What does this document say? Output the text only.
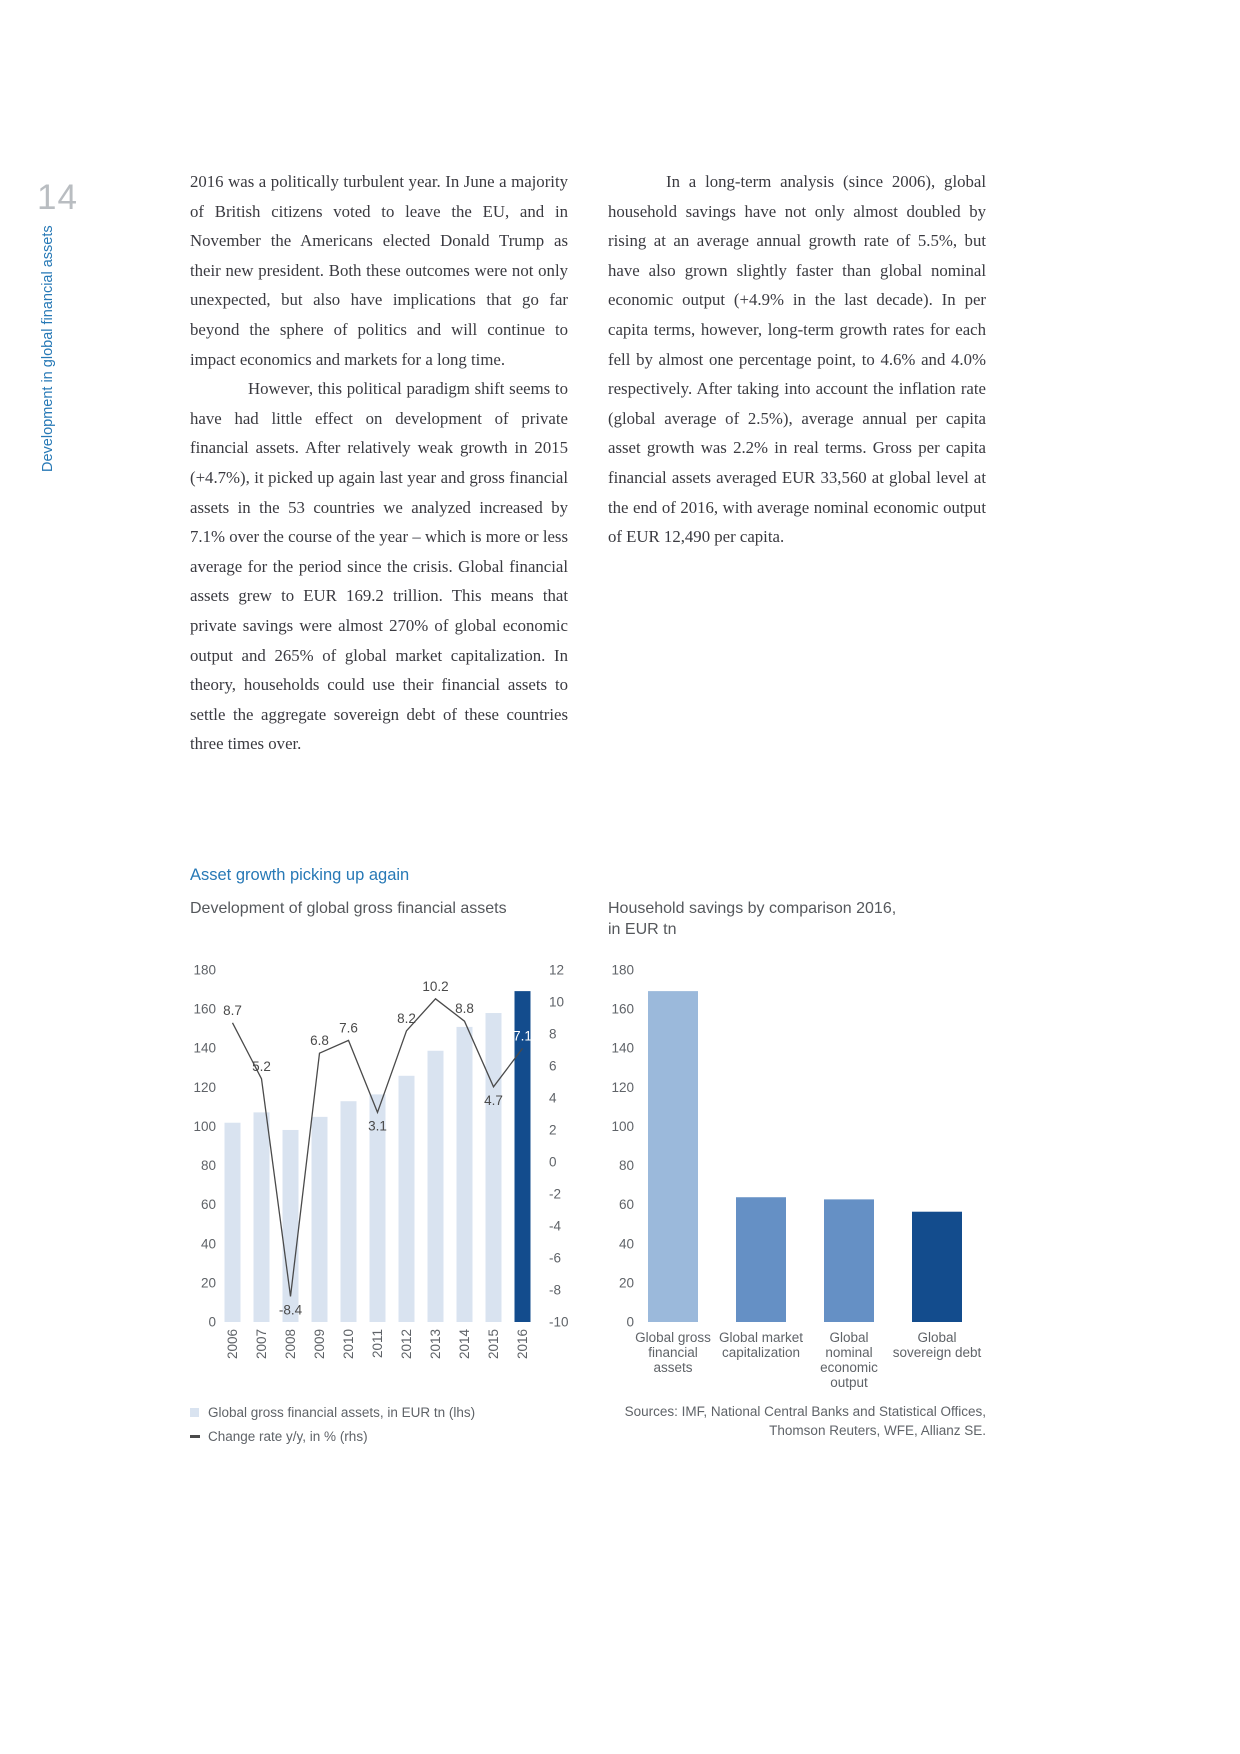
14
Development in global financial assets

2016 was a politically turbulent year. In June a majority of British citizens voted to leave the EU, and in November the Americans elected Donald Trump as their new president. Both these outcomes were not only unexpected, but also have implications that go far beyond the sphere of politics and will continue to impact economics and markets for a long time.

However, this political paradigm shift seems to have had little effect on development of private financial assets. After relatively weak growth in 2015 (+4.7%), it picked up again last year and gross financial assets in the 53 countries we analyzed increased by 7.1% over the course of the year – which is more or less average for the period since the crisis. Global financial assets grew to EUR 169.2 trillion. This means that private savings were almost 270% of global economic output and 265% of global market capitalization. In theory, households could use their financial assets to settle the aggregate sovereign debt of these countries three times over.

In a long-term analysis (since 2006), global household savings have not only almost doubled by rising at an average annual growth rate of 5.5%, but have also grown slightly faster than global nominal economic output (+4.9% in the last decade). In per capita terms, however, long-term growth rates for each fell by almost one percentage point, to 4.6% and 4.0% respectively. After taking into account the inflation rate (global average of 2.5%), average annual per capita asset growth was 2.2% in real terms. Gross per capita financial assets averaged EUR 33,560 at global level at the end of 2016, with average nominal economic output of EUR 12,490 per capita.

Asset growth picking up again
Development of global gross financial assets	Household savings by comparison 2016,
in EUR tn
180
160
140
120
100
80
60
40
20
0
12
10
8
6
4
2
0
-2
-4
-6
-8
-10
8.7
5.2
-8.4
6.8
7.6
3.1
8.2
10.2
8.8
4.7
7.1
2006 2007 2008 2009 2010 2011 2012 2013 2014 2015 2016
180
160
140
120
100
80
60
40
20
0
Global gross
financial
assets
Global market
capitalization
Global
nominal
economic
output
Global
sovereign debt
Global gross financial assets, in EUR tn (lhs)
Change rate y/y, in % (rhs)
Sources: IMF, National Central Banks and Statistical Offices,
Thomson Reuters, WFE, Allianz SE.
